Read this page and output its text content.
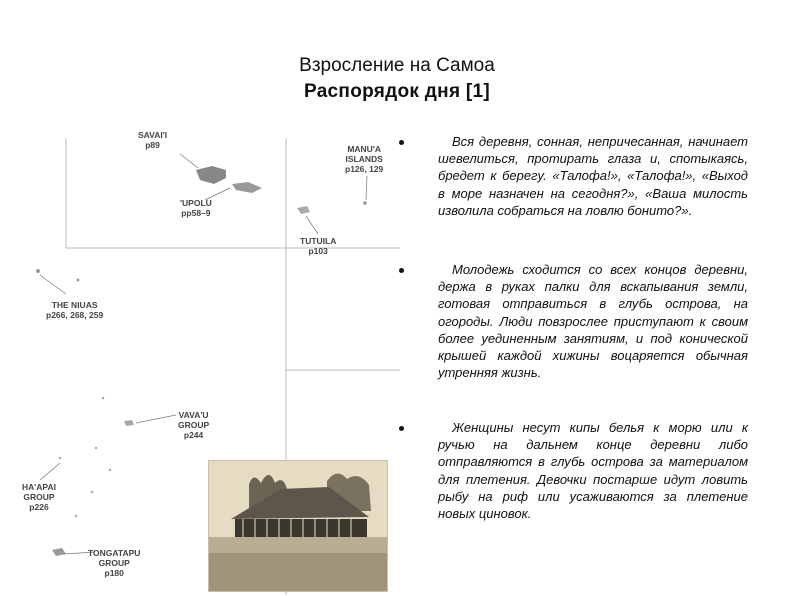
Взросление на Самоа
Распорядок дня [1]
SAVAI'I
p89
'UPOLU
pp58–9
MANU'A
ISLANDS
p126, 129
TUTUILA
p103
THE NIUAS
p266, 268, 259
VAVA'U
GROUP
p244
HA'APAI
GROUP
p226
TONGATAPU
GROUP
p180
Вся деревня, сонная, непричесанная, начинает шевелиться, протирать глаза и, спотыкаясь, бредет к берегу. «Талофа!», «Талофа!», «Выход в море назначен на сегодня?», «Ваша милость изволила собраться на ловлю бонито?».
Молодежь сходится со всех концов деревни, держа в руках палки для вскапывания земли, готовая отправиться в глубь острова, на огороды. Люди повзрослее приступают к своим более уединенным занятиям, и под конической крышей каждой хижины воцаряется обычная утренняя жизнь.
Женщины несут кипы белья к морю или к ручью на дальнем конце деревни либо отправляются в глубь острова за материалом для плетения. Девочки постарше идут ловить рыбу на риф или усаживаются за плетение новых циновок.
